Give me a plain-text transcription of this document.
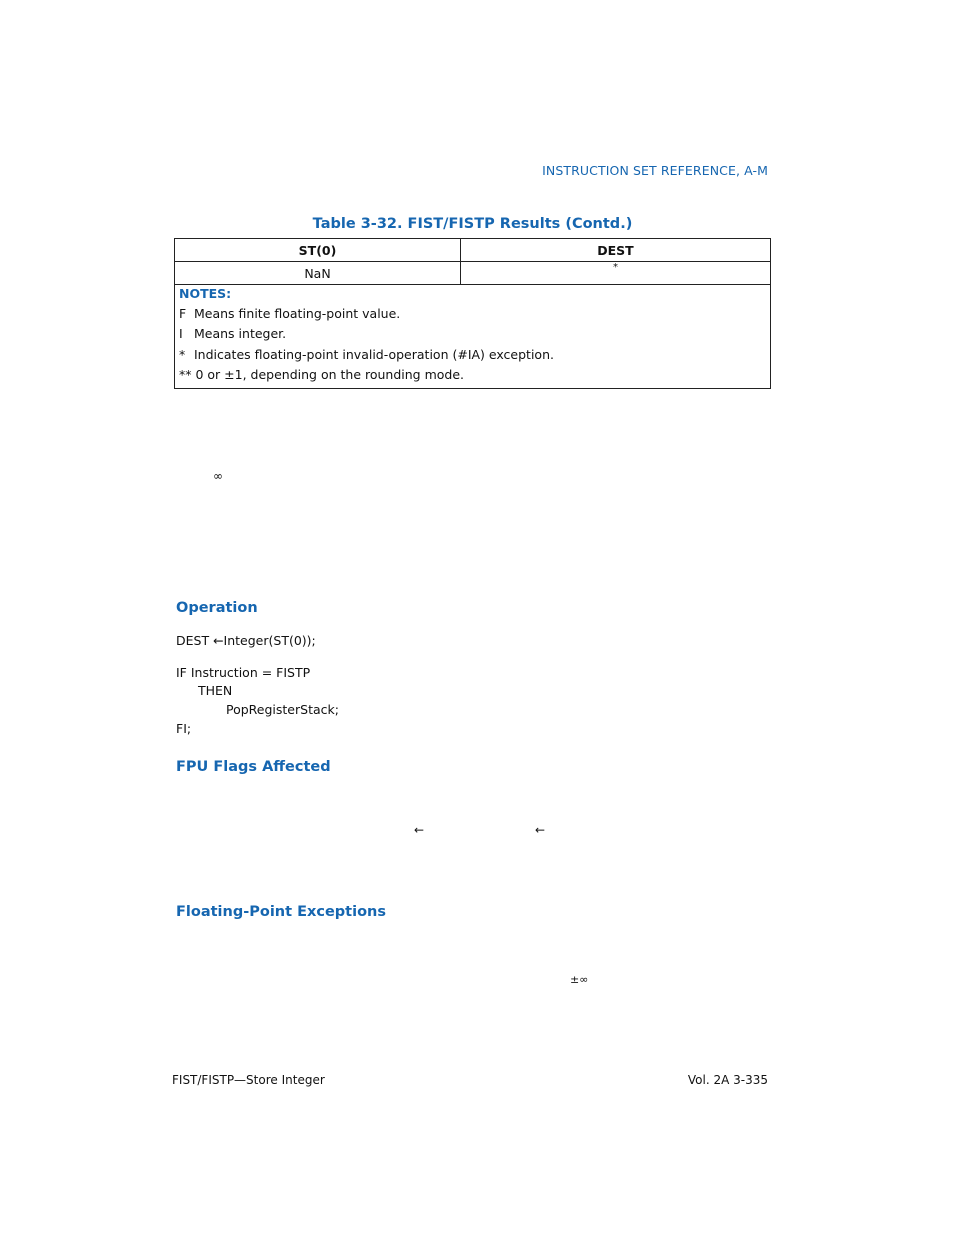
INSTRUCTION SET REFERENCE, A-M
Table 3-32. FIST/FISTP Results (Contd.)
ST(0)	DEST
NaN	*
NOTES:
F Means finite floating-point value.
I Means integer.
* Indicates floating-point invalid-operation (#IA) exception.
** 0 or ±1, depending on the rounding mode.
∞
Operation
DEST ←Integer(ST(0));
IF Instruction = FISTP
THEN
PopRegisterStack;
FI;
FPU Flags Affected
←	←
Floating-Point Exceptions
±∞
FIST/FISTP—Store Integer	Vol. 2A 3-335
